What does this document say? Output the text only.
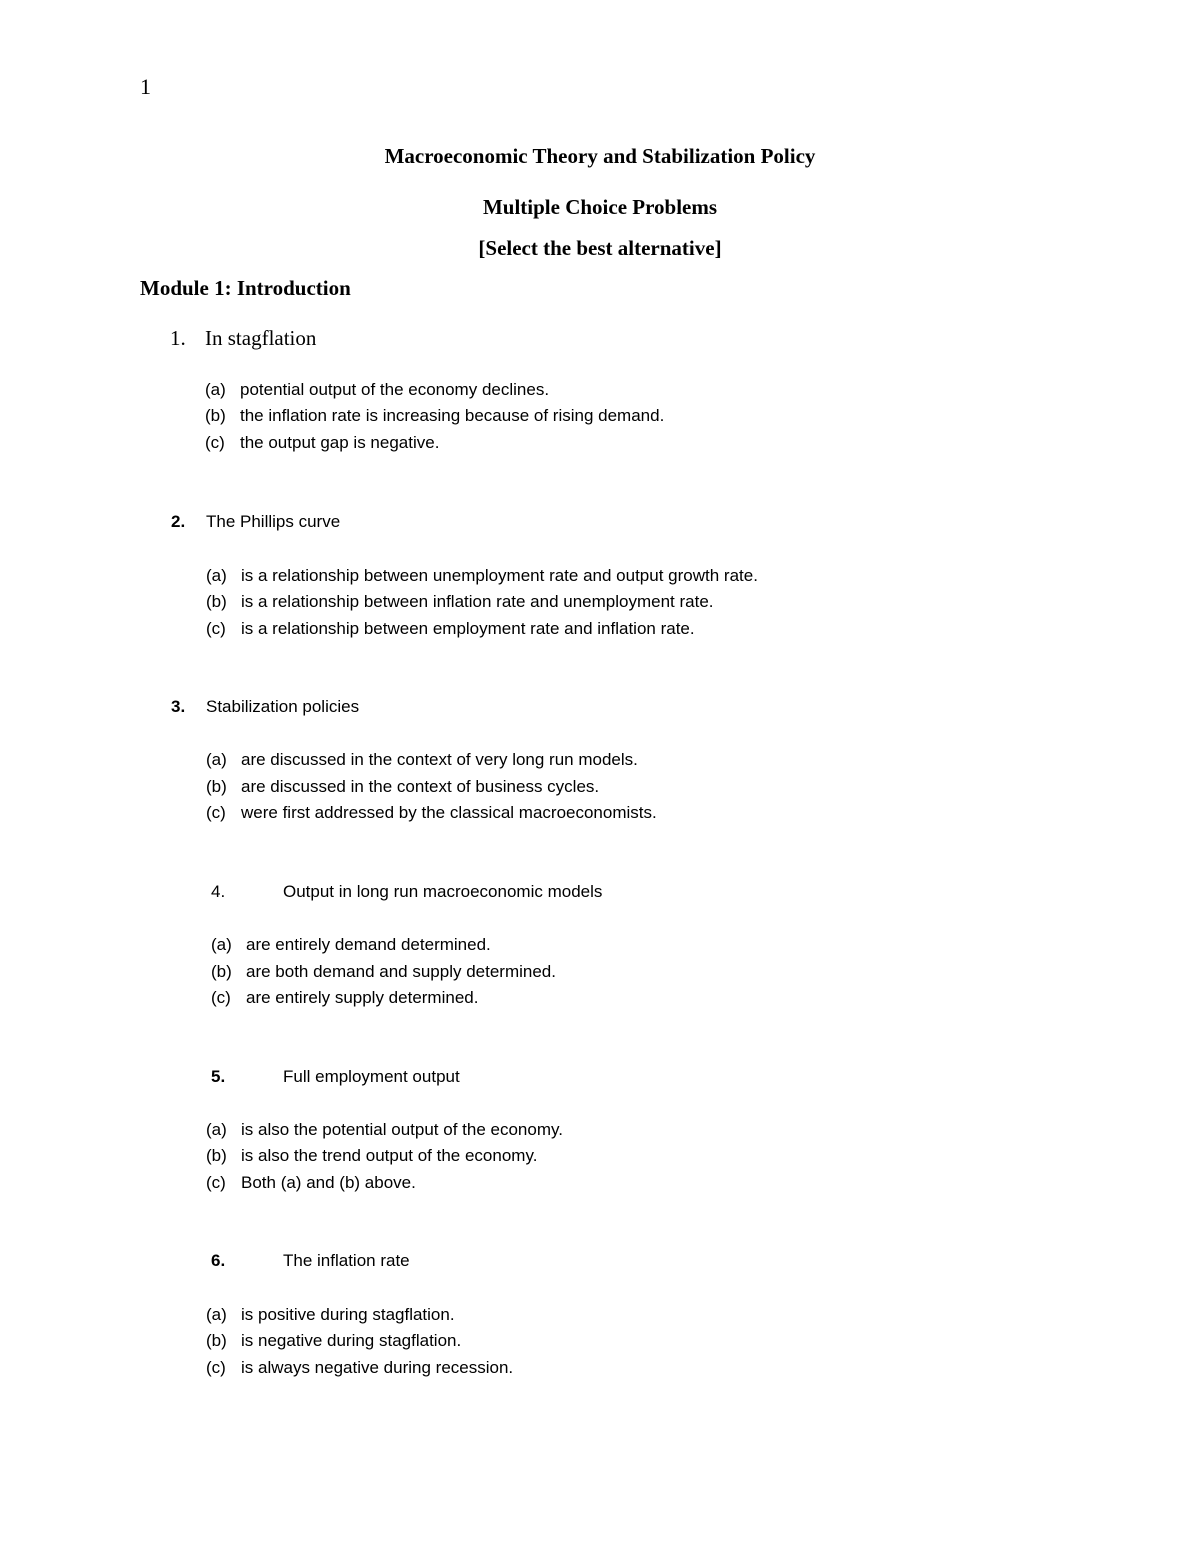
1
Macroeconomic Theory and Stabilization Policy
Multiple Choice Problems
[Select the best alternative]
Module 1: Introduction
1. In stagflation
(a) potential output of the economy declines.
(b) the inflation rate is increasing because of rising demand.
(c) the output gap is negative.
2. The Phillips curve
(a) is a relationship between unemployment rate and output growth rate.
(b) is a relationship between inflation rate and unemployment rate.
(c) is a relationship between employment rate and inflation rate.
3. Stabilization policies
(a) are discussed in the context of very long run models.
(b) are discussed in the context of business cycles.
(c) were first addressed by the classical macroeconomists.
4.	Output in long run macroeconomic models
(a) are entirely demand determined.
(b) are both demand and supply determined.
(c) are entirely supply determined.
5.	Full employment output
(a) is also the potential output of the economy.
(b) is also the trend output of the economy.
(c) Both (a) and (b) above.
6.	The inflation rate
(a) is positive during stagflation.
(b) is negative during stagflation.
(c) is always negative during recession.
